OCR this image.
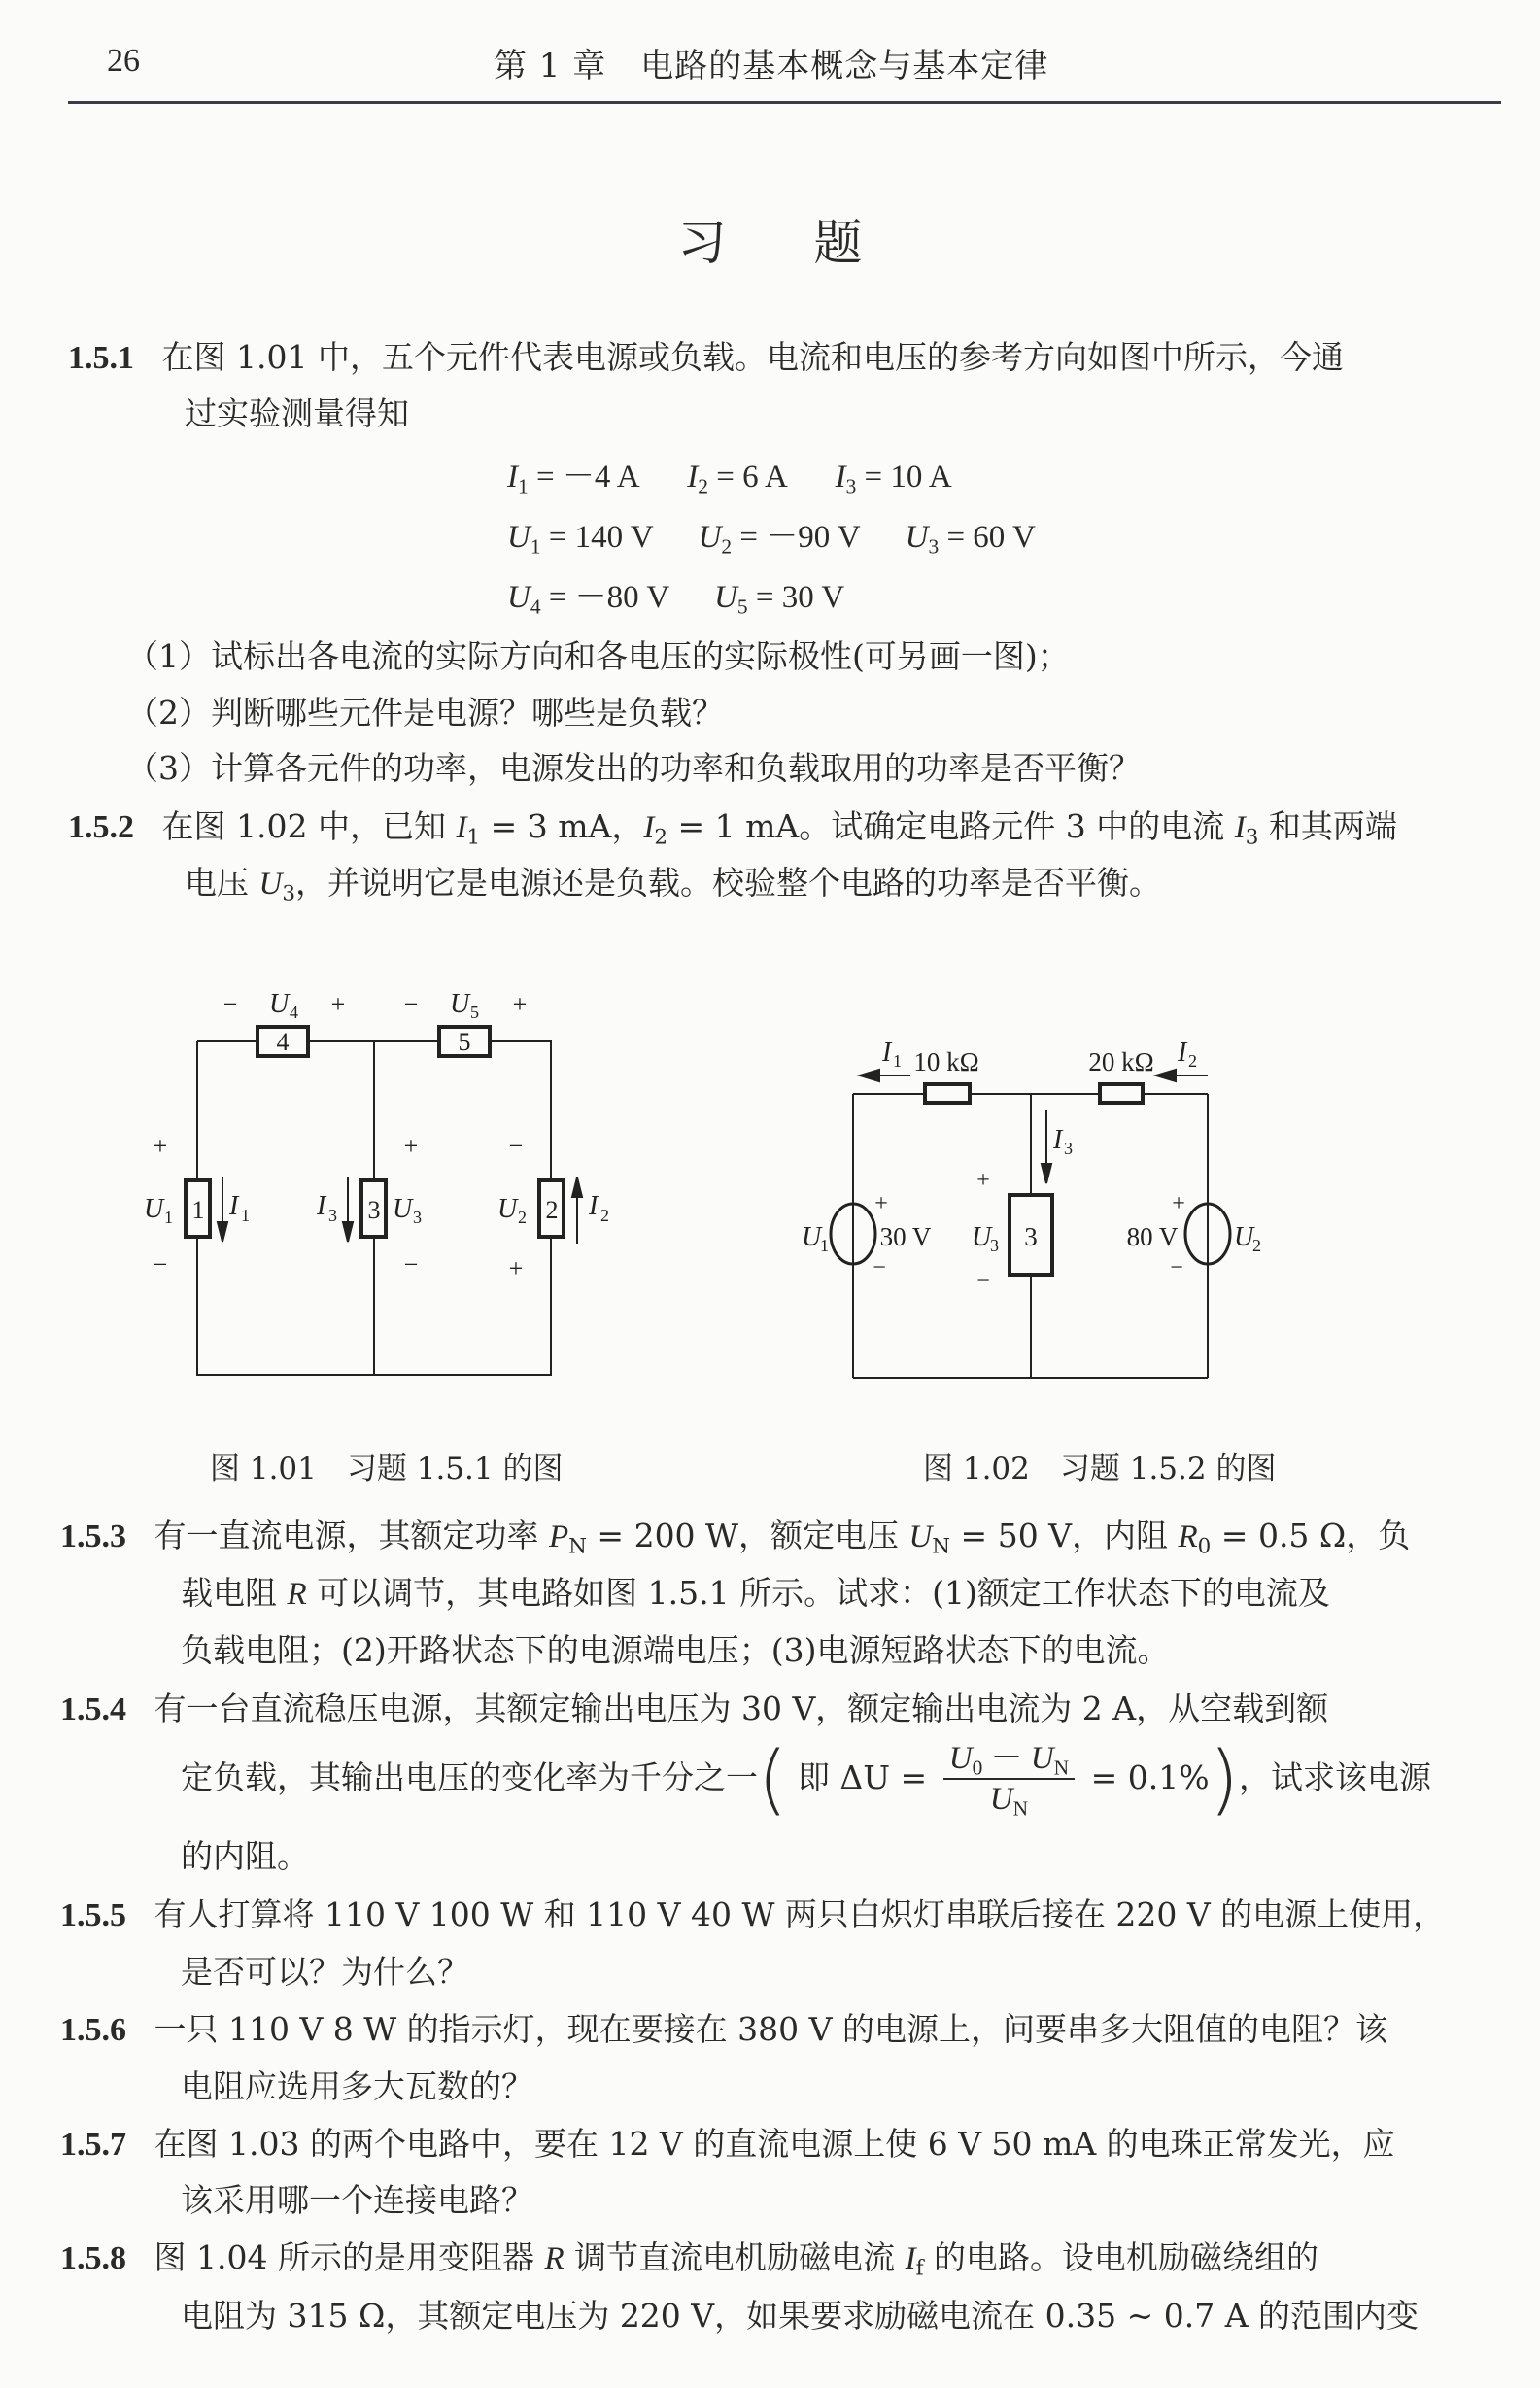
26	第 1 章　电路的基本概念与基本定律
习题
1.5.1 在图 1.01 中，五个元件代表电源或负载。电流和电压的参考方向如图中所示，今通
过实验测量得知
$I_1 = -4$ A $I_2 = 6$ A $I_3 = 10$ A
$U_1 = 140$ V $U_2 = -90$ V $U_3 = 60$ V
$U_4 = -80$ V $U_5 = 30$ V
（1）试标出各电流的实际方向和各电压的实际极性(可另画一图)；
（2）判断哪些元件是电源？哪些是负载？
（3）计算各元件的功率，电源发出的功率和负载取用的功率是否平衡？
1.5.2 在图 1.02 中，已知 $I_1 = 3$ mA，$I_2 = 1$ mA。试确定电路元件 3 中的电流 $I_3$ 和其两端
电压 $U_3$，并说明它是电源还是负载。校验整个电路的功率是否平衡。
4	5
1	3	2
U 4	U 5
U 1	U 3	U 2
I 1 I 3	I 2
−	+ −	+
+
−
+
−
−
+
10 kΩ	20 kΩ
30 V	80 V
3
I 1	I 2
I 3
U
1	U
3	U
2
+
−
+
−
+
−
图 1.01　习题 1.5.1 的图	图 1.02　习题 1.5.2 的图
1.5.3 有一直流电源，其额定功率 $P_N = 200$ W，额定电压 $U_N = 50$ V，内阻 $R_0 = 0.5$ Ω，负
载电阻 R 可以调节，其电路如图 1.5.1 所示。试求：(1)额定工作状态下的电流及
负载电阻；(2)开路状态下的电源端电压；(3)电源短路状态下的电流。
1.5.4 有一台直流稳压电源，其额定输出电压为 30 V，额定输出电流为 2 A，从空载到额
定负载，其输出电压的变化率为千分之一( 即 $\Delta U = \frac{U_0 - U_N}{U_N} = 0.1\%$)，试求该电源
的内阻。
1.5.5 有人打算将 110 V 100 W 和 110 V 40 W 两只白炽灯串联后接在 220 V 的电源上使用，
是否可以？为什么？
1.5.6 一只 110 V 8 W 的指示灯，现在要接在 380 V 的电源上，问要串多大阻值的电阻？该
电阻应选用多大瓦数的？
1.5.7 在图 1.03 的两个电路中，要在 12 V 的直流电源上使 6 V 50 mA 的电珠正常发光，应
该采用哪一个连接电路？
1.5.8 图 1.04 所示的是用变阻器 R 调节直流电机励磁电流 $I_f$ 的电路。设电机励磁绕组的
电阻为 315 Ω，其额定电压为 220 V，如果要求励磁电流在 0.35 ~ 0.7 A 的范围内变
